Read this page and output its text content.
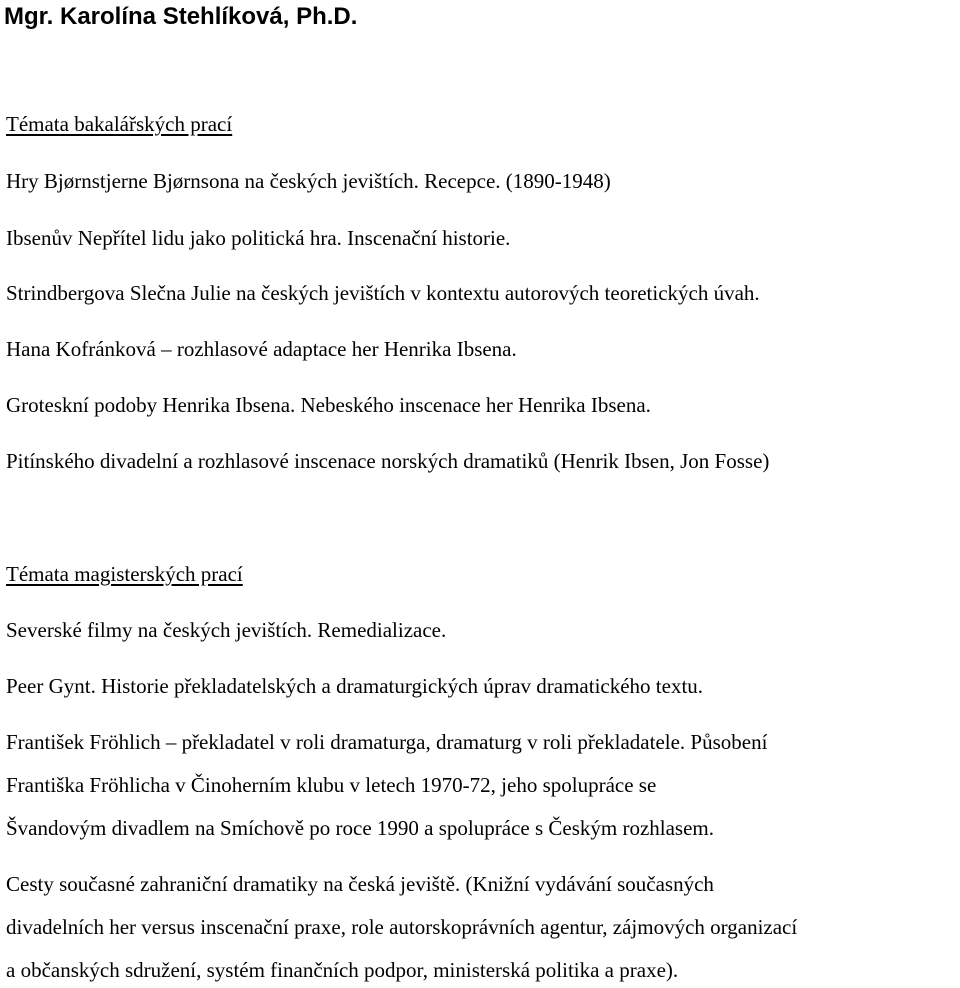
Mgr. Karolína Stehlíková, Ph.D.

Témata bakalářských prací

Hry Bjørnstjerne Bjørnsona na českých jevištích. Recepce. (1890-1948)

Ibsenův Nepřítel lidu jako politická hra. Inscenační historie.

Strindbergova Slečna Julie na českých jevištích v kontextu autorových teoretických úvah.

Hana Kofránková – rozhlasové adaptace her Henrika Ibsena.

Groteskní podoby Henrika Ibsena. Nebeského inscenace her Henrika Ibsena.

Pitínského divadelní a rozhlasové inscenace norských dramatiků (Henrik Ibsen, Jon Fosse)

Témata magisterských prací

Severské filmy na českých jevištích. Remedializace.

Peer Gynt. Historie překladatelských a dramaturgických úprav dramatického textu.

František Fröhlich – překladatel v roli dramaturga, dramaturg v roli překladatele. Působení

Františka Fröhlicha v Činoherním klubu v letech 1970-72, jeho spolupráce se

Švandovým divadlem na Smíchově po roce 1990 a spolupráce s Českým rozhlasem.

Cesty současné zahraniční dramatiky na česká jeviště. (Knižní vydávání současných

divadelních her versus inscenační praxe, role autorskoprávních agentur, zájmových organizací

a občanských sdružení, systém finančních podpor, ministerská politika a praxe).
